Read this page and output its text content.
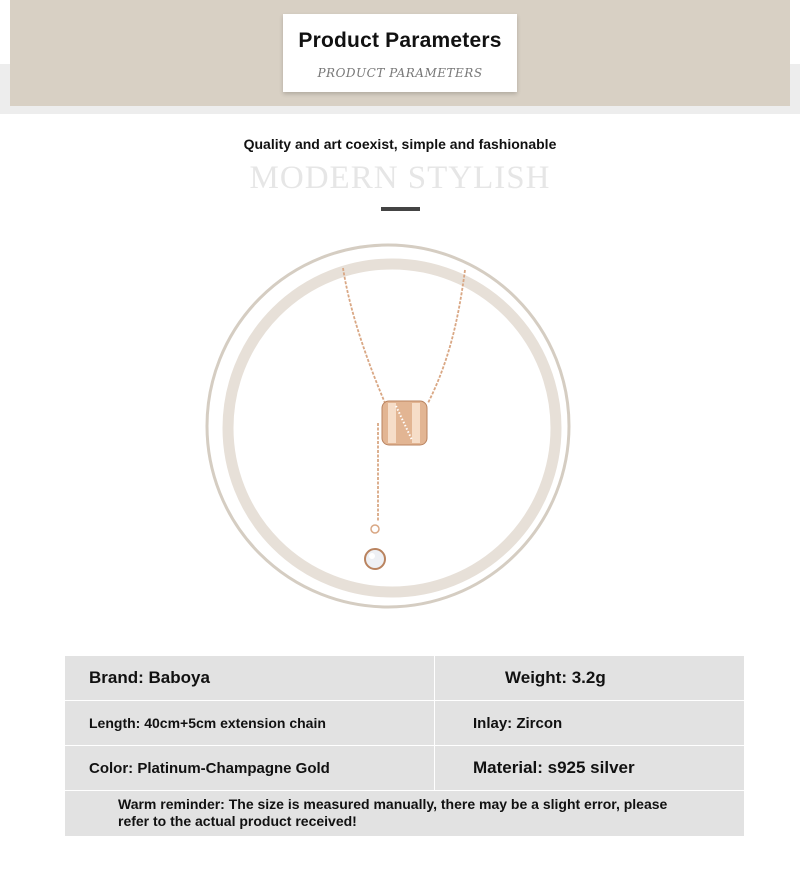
Product Parameters
PRODUCT PARAMETERS
Quality and art coexist, simple and fashionable
MODERN STYLISH
Brand: Baboya	Weight: 3.2g
Length: 40cm+5cm extension chain	Inlay: Zircon
Color: Platinum-Champagne Gold	Material: s925 silver
Warm reminder: The size is measured manually, there may be a slight error, please refer to the actual product received!	
